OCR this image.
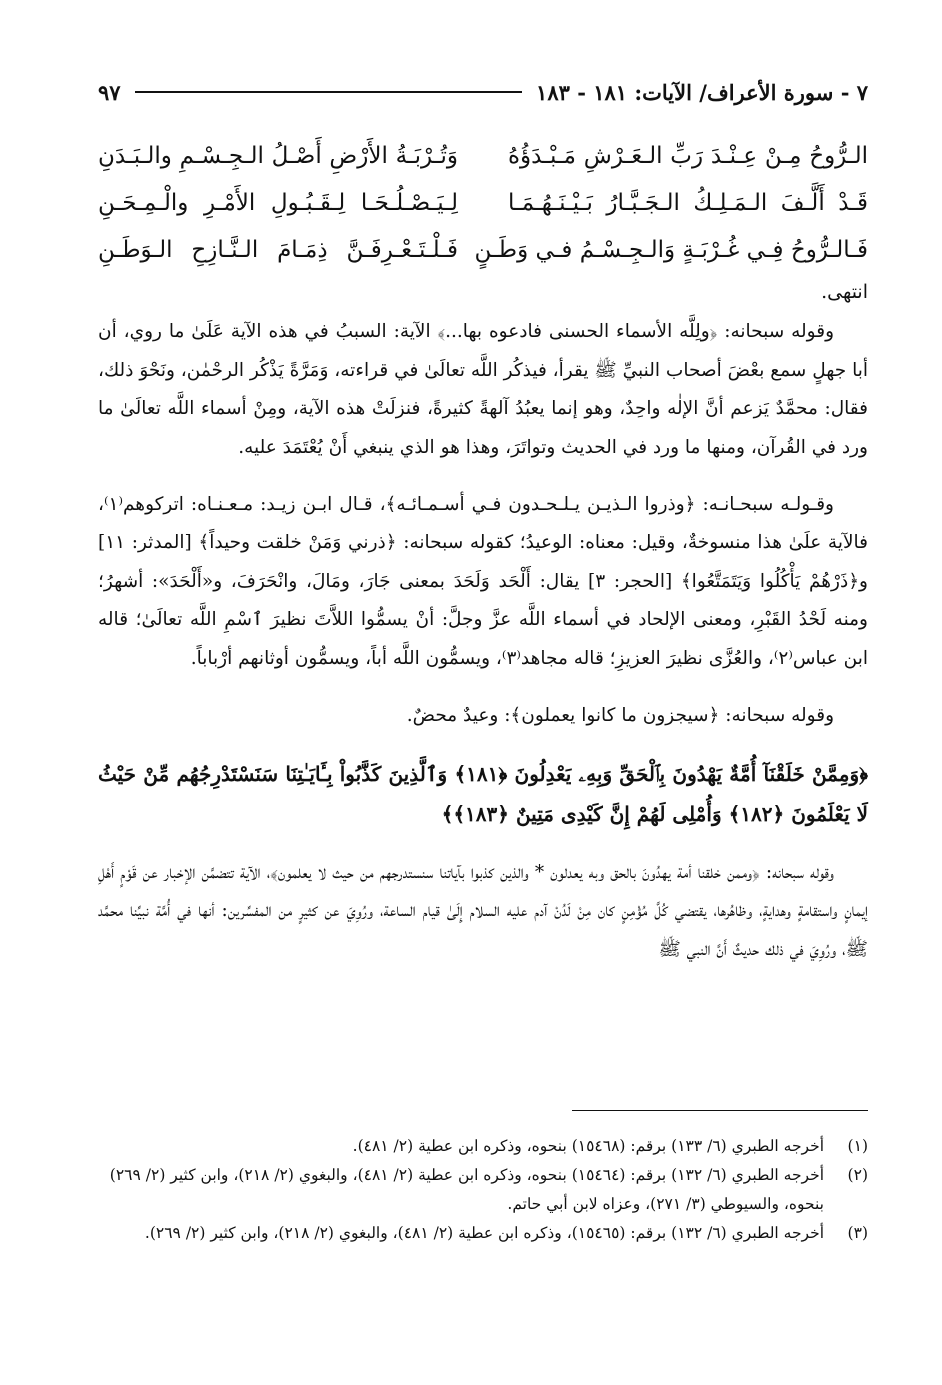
٧ - سورة الأعراف/ الآيات: ١٨١ - ١٨٣
٩٧
الـرُّوحُ مِـنْ عِـنْـدَ رَبِّ الـعَـرْشِ مَـبْـدَؤُهُ
وَتُـرْبَـةُ الأَرْضِ أَصْـلُ الـجِـسْـمِ والـبَـدَنِ
قَـدْ أَلَّـفَ الـمَـلِـكُ الـجَـبَّـارُ بَـيْـنَـهُـمَـا
لِـيَـصْـلُـحَـا لِـقَـبُـولِ الأَمْـرِ والْـمِـحَـنِ
فَـالـرُّوحُ فِـي غُـرْبَـةٍ وَالـجِـسْـمُ فـي وَطَـنٍ
فَـلْـتَـعْـرِفَـنَّ ذِمَـامَ الـنَّـازِحِ الـوَطَـنِ
انتهى.

وقوله سبحانه: ﴿ولِلَّه الأسماء الحسنى فادعوه بها...﴾ الآية: السببُ في هذه الآية عَلَىٰ ما روي، أن أبا جهلٍ سمع بعْضَ أصحاب النبيِّ ﷺ يقرأ، فيذكُر اللَّه تعالَىٰ في قراءته، وَمَرَّةً يَذْكُر الرحْمٰن، ونَحْوَ ذلك، فقال: محمَّدٌ يَزعم أنَّ الإلٰه واحِدٌ، وهو إنما يعبُدُ آلهةً كثيرةً، فنزلَتْ هذه الآية، ومِنْ أسماء اللَّه تعالَىٰ ما ورد في القُرآن، ومنها ما ورد في الحديث وتواتَرَ، وهذا هو الذي ينبغي أَنْ يُعْتَمَدَ عليه.

وقـولـه سبحـانـه: ﴿وذروا الـذيـن يـلـحـدون فـي أسـمـائـه﴾، قـال ابـن زيـد: مـعـنـاه: اتركوهم⁽١⁾، فالآية علَىٰ هذا منسوخةٌ، وقيل: معناه: الوعيدُ؛ كقوله سبحانه: ﴿ذرني وَمَنْ خلقت وحيداً﴾ [المدثر: ١١] و﴿ذَرْهُمْ يَأْكُلُوا وَيَتَمَتَّعُوا﴾ [الحجر: ٣] يقال: أَلْحَد وَلَحَدَ بمعنى جَارَ، ومَالَ، وانْحَرَفَ، و«أَلْحَدَ»: أشهرُ؛ ومنه لَحْدُ القَبْرِ، ومعنى الإلحاد في أسماء اللَّه عزَّ وجلَّ: أنْ يسمُّوا اللاَّتَ نظيرَ ٱسْمِ اللَّه تعالَىٰ؛ قاله ابن عباس⁽٢⁾، والعُزَّى نظيرَ العزيزِ؛ قاله مجاهد⁽٣⁾، ويسمُّون اللَّه أباً، ويسمُّون أوثانهم أرْباباً.

وقوله سبحانه: ﴿سيجزون ما كانوا يعملون﴾: وعيدٌ محضٌ.

﴿وَمِمَّنْ خَلَقْنَآ أُمَّةٌ يَهْدُونَ بِٱلْحَقِّ وَبِهِۦ يَعْدِلُونَ ﴿١٨١﴾ وَٱلَّذِينَ كَذَّبُواْ بِـَٔايَـٰتِنَا سَنَسْتَدْرِجُهُم مِّنْ حَيْثُ لَا يَعْلَمُونَ ﴿١٨٢﴾ وَأُمْلِى لَهُمْ إِنَّ كَيْدِى مَتِينٌ ﴿١٨٣﴾﴾

وقوله سبحانه: ﴿وممن خلقنا أمة يهدُونَ بالحق وبه يعدلون * والذين كذبوا بآياتنا سنستدرجهم من حيث لا يعلمون﴾، الآية تتضمَّن الإخبار عن قَوْمٍ أَهْلِ إيمانٍ واستقامةٍ وهدايةٍ، وظاهُرها، يقتضي كُلَّ مُؤْمِنٍ كان مِنْ لَدُنْ آدم عليه السلام إِلَىٰ قيام الساعة، ورُوِيَ عن كثيرٍ من المفسِّرين: أنها في أُمَّة نبيِّنا محمَّد ﷺ، ورُوِيَ في ذلك حديثٌ أَنَّ النبي ﷺ

(١)
أخرجه الطبري (٦/ ١٣٣) برقم: (١٥٤٦٨) بنحوه، وذكره ابن عطية (٢/ ٤٨١).
(٢)
أخرجه الطبري (٦/ ١٣٢) برقم: (١٥٤٦٤) بنحوه، وذكره ابن عطية (٢/ ٤٨١)، والبغوي (٢/ ٢١٨)، وابن كثير (٢/ ٢٦٩) بنحوه، والسيوطي (٣/ ٢٧١)، وعزاه لابن أبي حاتم.
(٣)
أخرجه الطبري (٦/ ١٣٢) برقم: (١٥٤٦٥)، وذكره ابن عطية (٢/ ٤٨١)، والبغوي (٢/ ٢١٨)، وابن كثير (٢/ ٢٦٩).
